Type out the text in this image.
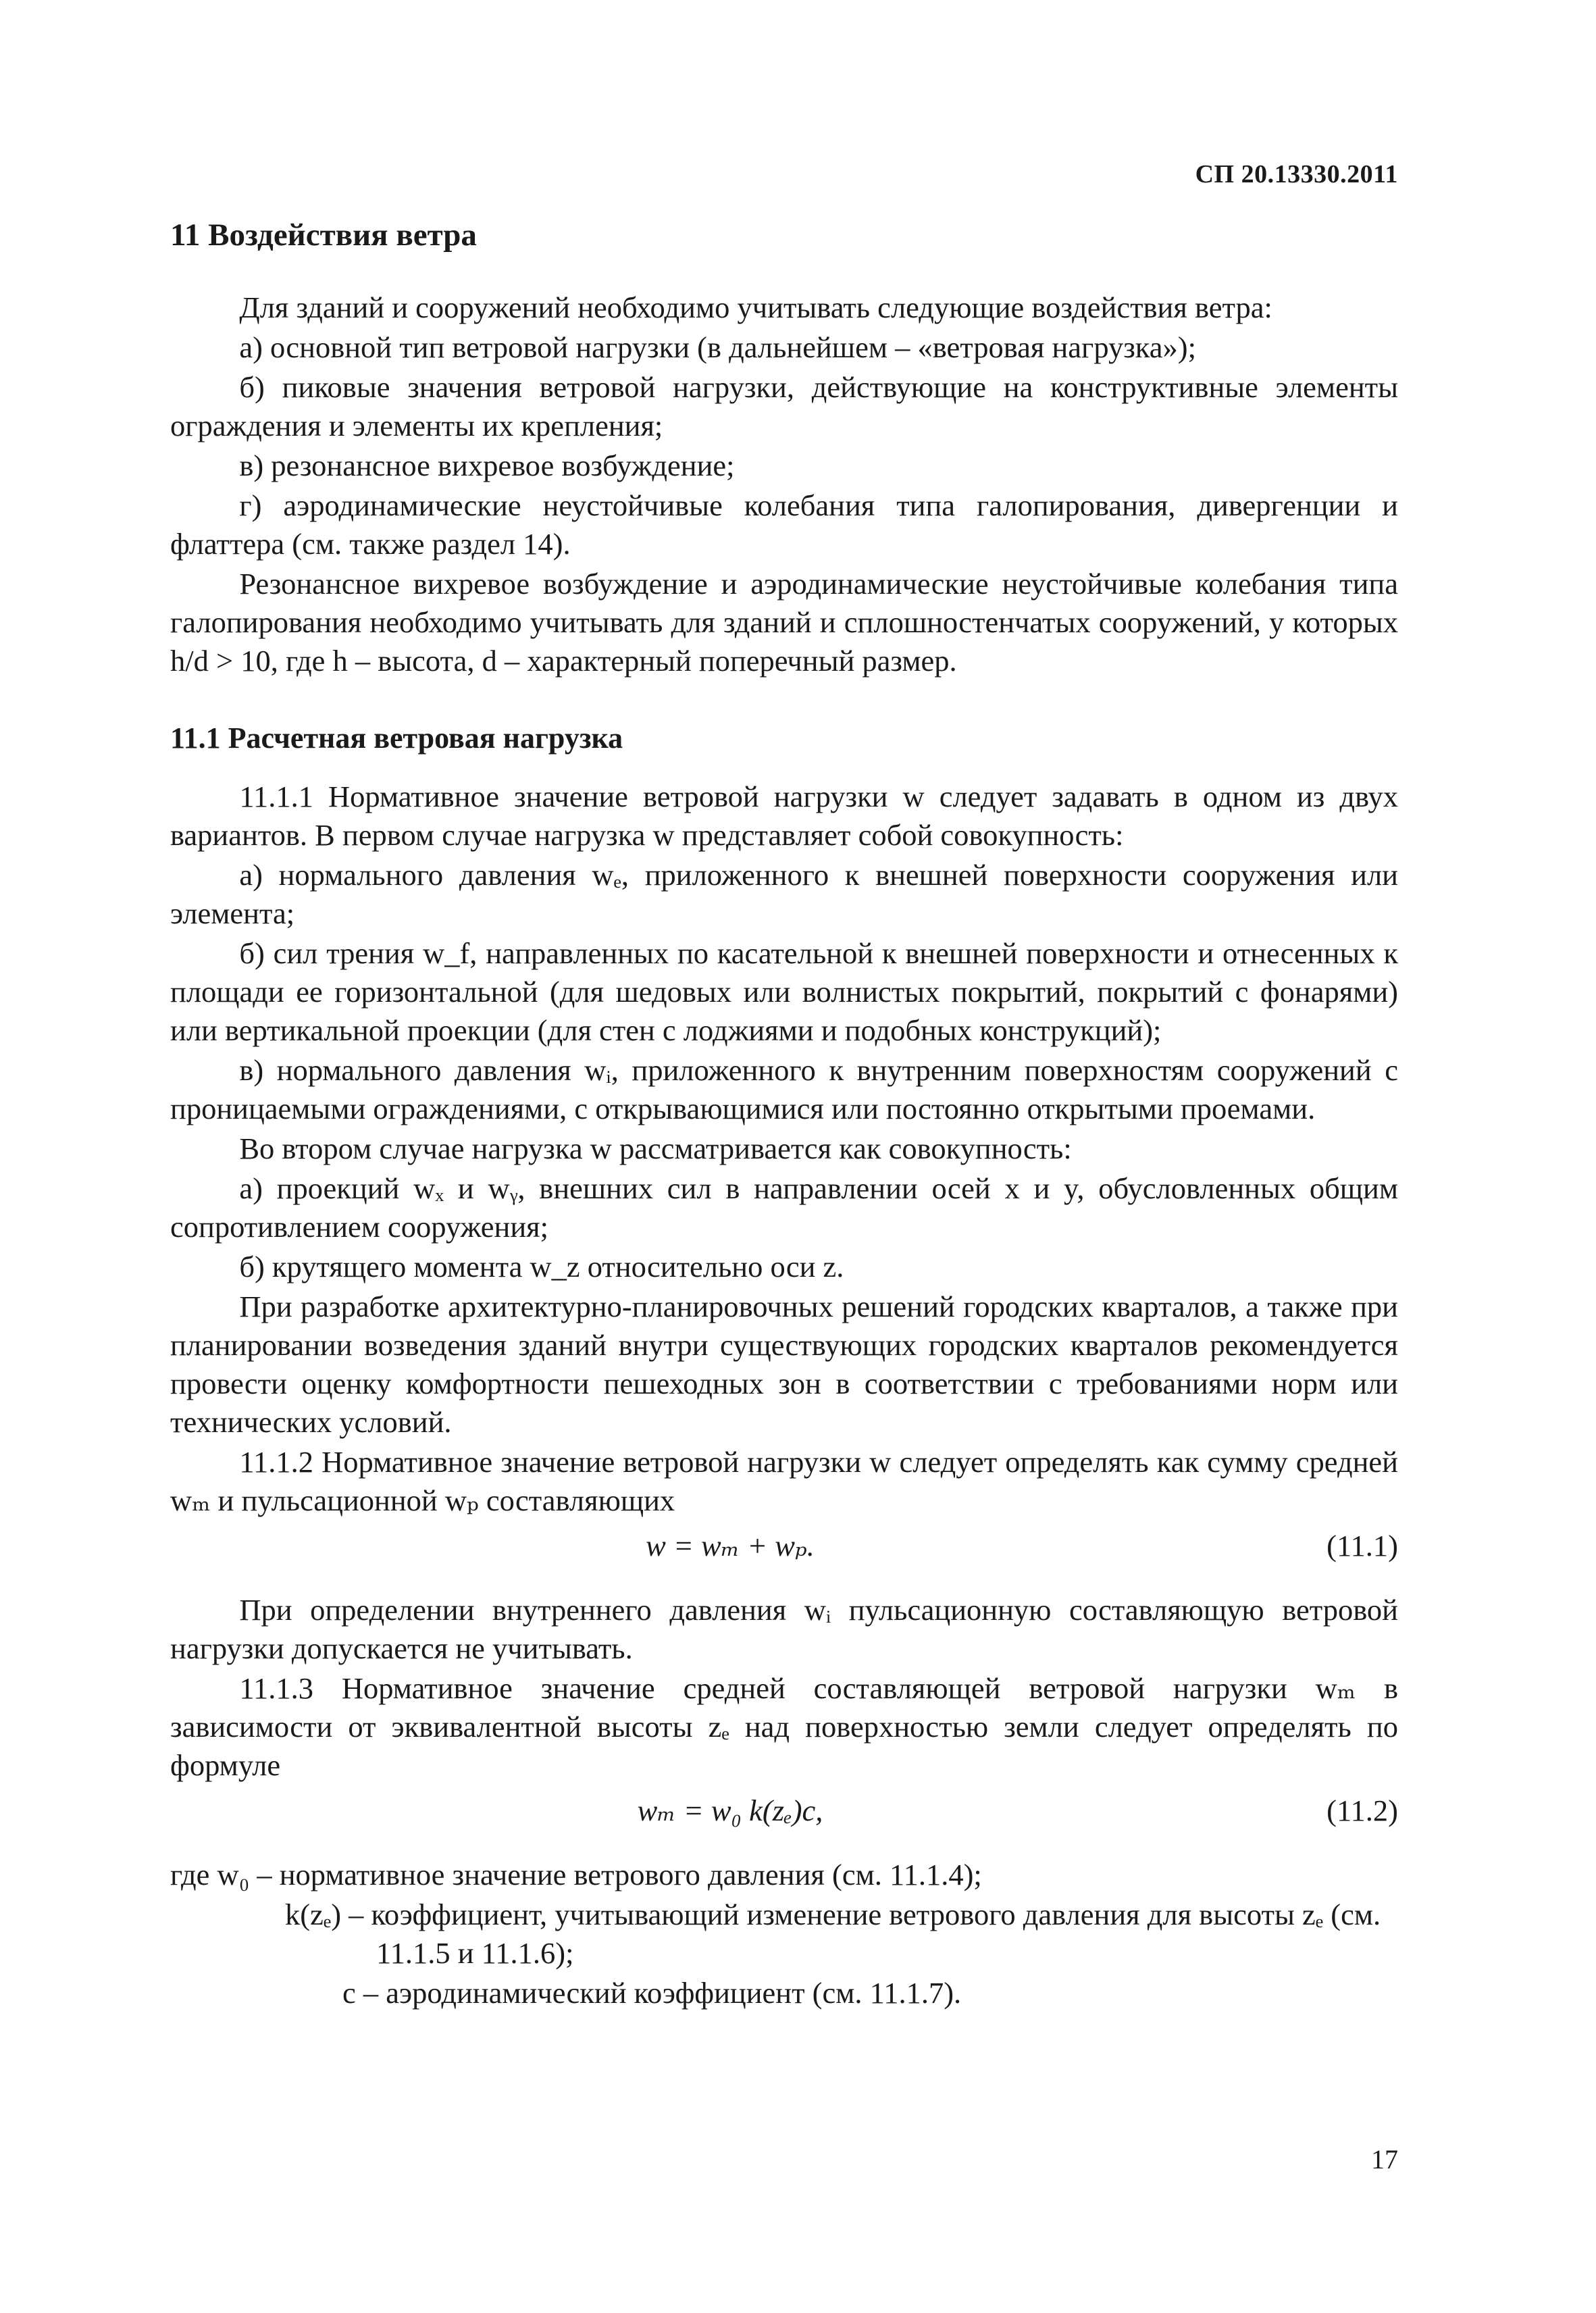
СП 20.13330.2011
11 Воздействия ветра
Для зданий и сооружений необходимо учитывать следующие воздействия ветра:
а) основной тип ветровой нагрузки (в дальнейшем – «ветровая нагрузка»);
б) пиковые значения ветровой нагрузки, действующие на конструктивные элементы ограждения и элементы их крепления;
в) резонансное вихревое возбуждение;
г) аэродинамические неустойчивые колебания типа галопирования, дивергенции и флаттера (см. также раздел 14).
Резонансное вихревое возбуждение и аэродинамические неустойчивые колебания типа галопирования необходимо учитывать для зданий и сплошностенчатых сооружений, у которых h/d > 10, где h – высота, d – характерный поперечный размер.
11.1 Расчетная ветровая нагрузка
11.1.1 Нормативное значение ветровой нагрузки w следует задавать в одном из двух вариантов. В первом случае нагрузка w представляет собой совокупность:
а) нормального давления wₑ, приложенного к внешней поверхности сооружения или элемента;
б) сил трения w_f, направленных по касательной к внешней поверхности и отнесенных к площади ее горизонтальной (для шедовых или волнистых покрытий, покрытий с фонарями) или вертикальной проекции (для стен с лоджиями и подобных конструкций);
в) нормального давления wᵢ, приложенного к внутренним поверхностям сооружений с проницаемыми ограждениями, с открывающимися или постоянно открытыми проемами.
Во втором случае нагрузка w рассматривается как совокупность:
а) проекций wₓ и wᵧ, внешних сил в направлении осей x и y, обусловленных общим сопротивлением сооружения;
б) крутящего момента w_z относительно оси z.
При разработке архитектурно-планировочных решений городских кварталов, а также при планировании возведения зданий внутри существующих городских кварталов рекомендуется провести оценку комфортности пешеходных зон в соответствии с требованиями норм или технических условий.
11.1.2 Нормативное значение ветровой нагрузки w следует определять как сумму средней wₘ и пульсационной wₚ составляющих
w = wₘ + wₚ.	(11.1)
При определении внутреннего давления wᵢ пульсационную составляющую ветровой нагрузки допускается не учитывать.
11.1.3 Нормативное значение средней составляющей ветровой нагрузки wₘ в зависимости от эквивалентной высоты zₑ над поверхностью земли следует определять по формуле
wₘ = w₀ k(zₑ)c,	(11.2)
где w₀ – нормативное значение ветрового давления (см. 11.1.4);
k(zₑ) – коэффициент, учитывающий изменение ветрового давления для высоты zₑ (см.
11.1.5 и 11.1.6);
c – аэродинамический коэффициент (см. 11.1.7).
17
